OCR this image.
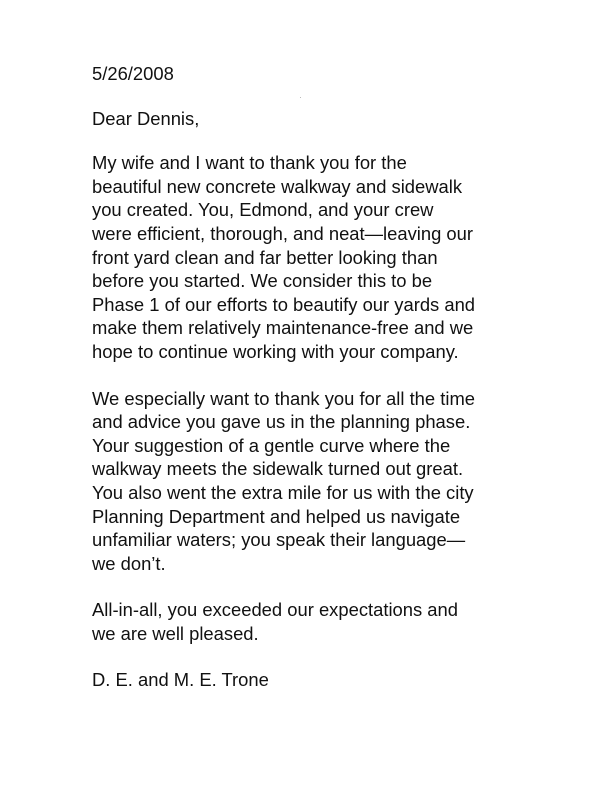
5/26/2008
Dear Dennis,
My wife and I want to thank you for the
beautiful new concrete walkway and sidewalk
you created. You, Edmond, and your crew
were efficient, thorough, and neat—leaving our
front yard clean and far better looking than
before you started. We consider this to be
Phase 1 of our efforts to beautify our yards and
make them relatively maintenance-free and we
hope to continue working with your company.
We especially want to thank you for all the time
and advice you gave us in the planning phase.
Your suggestion of a gentle curve where the
walkway meets the sidewalk turned out great.
You also went the extra mile for us with the city
Planning Department and helped us navigate
unfamiliar waters; you speak their language—
we don’t.
All-in-all, you exceeded our expectations and
we are well pleased.
D. E. and M. E. Trone
